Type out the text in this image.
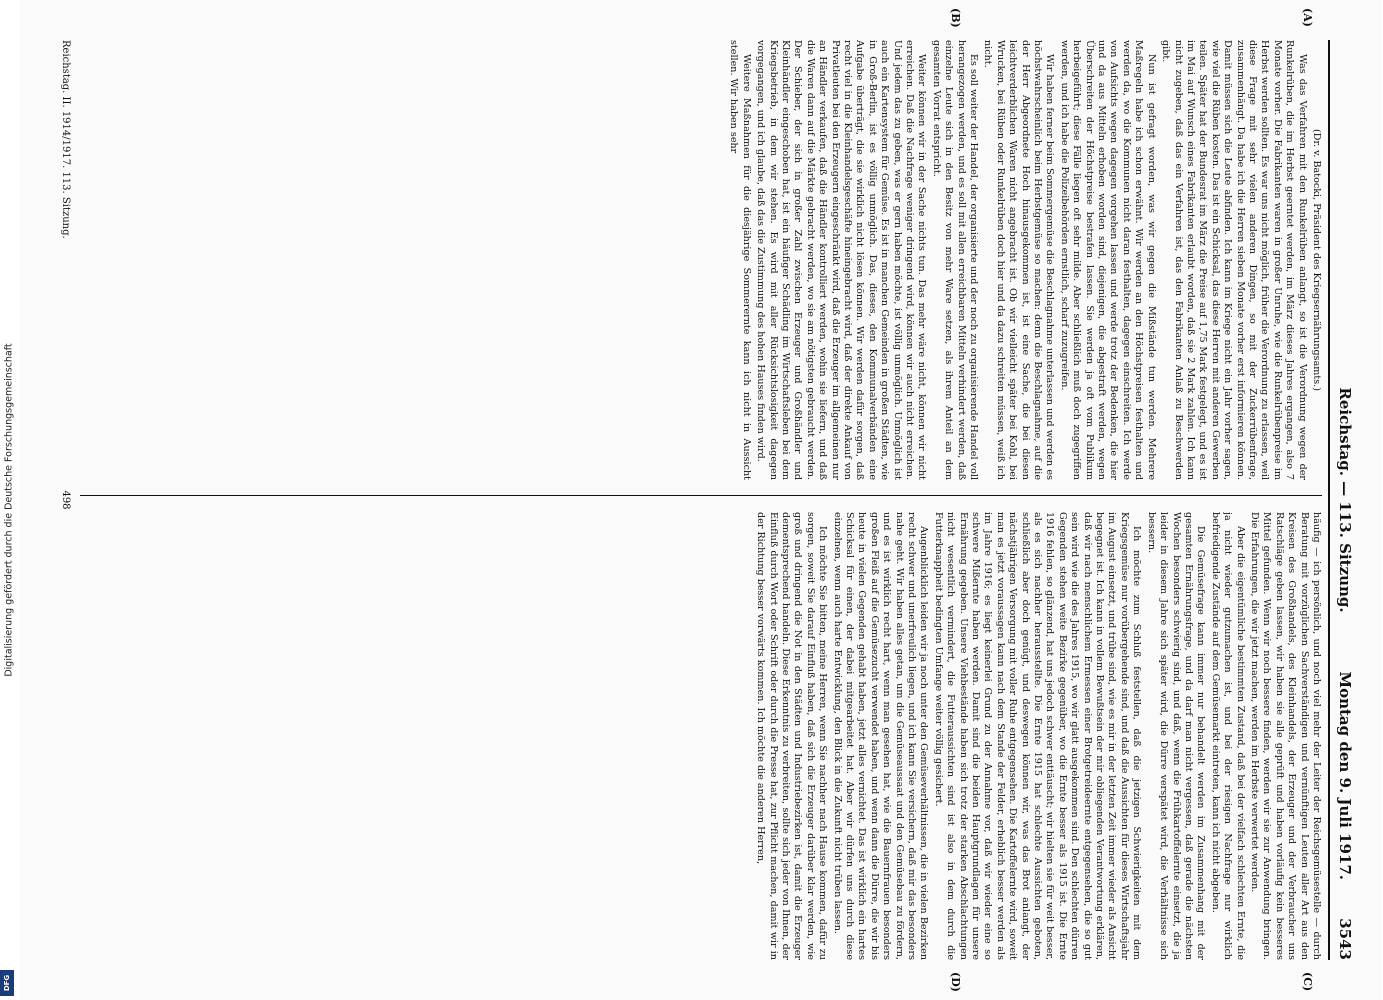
Reichstag. — 113. Sitzung.
Montag den 9. Juli 1917.
3543
(A)
(B)
(C)
(D)

(Dr. v. Batocki, Präsident des Kriegsernährungsamts.)

Was das Verfahren mit den Runkelrüben anlangt, so ist die Verordnung wegen der Runkelrüben, die im Herbst geerntet werden, im März dieses Jahres ergangen, also 7 Monate vorher. Die Fabrikanten waren in großer Unruhe, wie die Runkelrübenpreise im Herbst werden sollten. Es war uns nicht möglich, früher die Verordnung zu erlassen, weil diese Frage mit sehr vielen anderen Dingen, so mit der Zuckerrübenfrage, zusammenhängt. Da habe ich die Herren sieben Monate vorher erst informieren können. Damit müssen sich die Leute abfinden. Ich kann im Kriege nicht ein Jahr vorher sagen, wie viel die Rüben kosten. Das ist ein Schicksal, das diese Herren mit anderen Gewerben teilen. Später hat der Bundesrat im März die Preise auf 1,75 Mark festgelegt, und es ist im Mai auf Wunsch eines Fabrikanten erlaubt worden, daß sie 2 Mark zahlen. Ich kann nicht zugeben, daß das ein Verfahren ist, das den Fabrikanten Anlaß zu Beschwerden gibt.

Nun ist gefragt worden, was wir gegen die Mißstände tun werden. Mehrere Maßregeln habe ich schon erwähnt. Wir werden an den Höchstpreisen festhalten und werden da, wo die Kommunen nicht daran festhalten, dagegen einschreiten. Ich werde von Aufsichts wegen dagegen vorgehen lassen und werde trotz der Bedenken, die hier und da aus Mitteln erhoben worden sind, diejenigen, die abgestraft werden, wegen Überschreiten der Höchstpreise bestrafen lassen. Sie werden ja oft vom Publikum herbeigeführt; diese Fälle liegen oft sehr milde. Aber schließlich muß doch zugegriffen werden, und ich habe die Polizeibehörden ernstlich, scharf zuzugreifen.

Wir haben ferner beim Sommergemüse die Beschlagnahme unterlassen und werden es höchstwahrscheinlich beim Herbstgemüse so machen: denn die Beschlagnahme, auf die der Herr Abgeordnete Hoch hinausgekommen ist, ist eine Sache, die bei diesen leichtverderblichen Waren nicht angebracht ist. Ob wir vielleicht später bei Kohl, bei Wrucken, bei Rüben oder Runkelrüben doch hier und da dazu schreiten müssen, weiß ich nicht.

Es soll weiter der Handel, der organisierte und der noch zu organisierende Handel voll herangezogen werden, und es soll mit allen erreichbaren Mitteln verhindert werden, daß einzelne Leute sich in den Besitz von mehr Ware setzen, als ihrem Anteil an dem gesamten Vorrat entspricht.

Weiter können wir in der Sache nichts tun. Das mehr wäre nicht, können wir nicht erreichen. Daß die Nachfrage weniger dringend wird, können wir auch nicht erreichen. Und jedem das zu geben, was er gern haben möchte, ist völlig unmöglich. Unmöglich ist auch ein Kartensystem für Gemüse. Es ist in manchen Gemeinden in großen Städten, wie in Groß-Berlin, ist es völlig unmöglich. Das, dieses, den Kommunalverbänden eine Aufgabe überträgt, die sie wirklich nicht lösen können. Wir werden dafür sorgen, daß recht viel in die Kleinhandelsgeschäfte hineingebracht wird, daß der direkte Ankauf von Privatleuten bei den Erzeugern eingeschränkt wird, daß die Erzeuger im allgemeinen nur an Händler verkaufen, daß die Händler kontrolliert werden, wohin sie liefern, und daß die Waren dann auf die Märkte gebracht werden, wo sie am nötigsten gebraucht werden. Der Schieber, der sich in großer Zahl zwischen Erzeuger und Großhändler und Kleinhändler eingeschoben hat, ist ein häufiger Schädling im Wirtschaftsleben bei dem Kriegsbetrieb, in dem wir stehen. Es wird mit aller Rücksichtslosigkeit dagegen vorgegangen, und ich glaube, daß das die Zustimmung des hohen Hauses finden wird.

Weitere Maßnahmen für die diesjährige Sommerernte kann ich nicht in Aussicht stellen. Wir haben sehr

häufig — ich persönlich, und noch viel mehr der Leiter der Reichsgemüsestelle — durch Beratung mit vorzüglichen Sachverständigen und vernünftigen Leuten aller Art aus den Kreisen des Großhandels, des Kleinhandels, der Erzeuger und der Verbraucher uns Ratschläge geben lassen, wir haben sie alle geprüft und haben vorläufig kein besseres Mittel gefunden. Wenn wir noch bessere finden, werden wir sie zur Anwendung bringen. Die Erfahrungen, die wir jetzt machen, werden im Herbste verwertet werden.

Aber die eigentümliche bestimmten Zustand, daß bei der vielfach schlechten Ernte, die ja nicht wieder gutzumachen ist, und bei der riesigen Nachfrage nur wirklich befriedigende Zustände auf dem Gemüsemarkt eintreten, kann ich nicht abgeben.

Die Gemüsefrage kann immer nur behandelt werden im Zusammenhang mit der gesamten Ernährungsfrage, und da darf man nicht vergessen, daß gerade die nächsten Wochen besonders schwierig sind, und daß, wenn die Frühkartoffelernte einsetzt, die ja leider in diesem Jahre sich später wird, die Dürre verspätet wird, die Verhältnisse sich bessern.

Ich möchte zum Schluß feststellen, daß die jetzigen Schwierigkeiten mit dem Kriegsgemüse nur vorübergehende sind, und daß die Aussichten für dieses Wirtschaftsjahr im August einsetzt, und trübe sind, wie es mir in der letzten Zeit immer wieder als Ansicht begegnet ist. Ich kann in vollem Bewußtsein der mir obliegenden Verantwortung erklären, daß wir nach menschlichem Ermessen einer Brotgetreideernte entgegensehen, die so gut sein wird wie die des Jahres 1915, wo wir glatt ausgekommen sind. Den schlechten dürren Gegenden stehen weite Bezirke gegenüber, wo die Ernte besser als 1915 ist. Die Ernte 1916 fehlen, so glänzend, hat uns jedoch schwer enttäuscht; wir hielten sie für weit besser, als es sich nachher herausstellte. Die Ernte 1915 hat schlechte Aussichten geboten, schließlich aber doch genügt, und deswegen können wir, was das Brot anlangt, der nächstjährigen Versorgung mit voller Ruhe entgegensehen. Die Kartoffelernte wird, soweit man es jetzt voraussagen kann nach dem Stande der Felder, erheblich besser werden als im Jahre 1916; es liegt keinerlei Grund zu der Annahme vor, daß wir wieder eine so schwere Mißernte haben werden. Damit sind die beiden Hauptgrundlagen für unsere Ernährung gegeben. Unsere Viehbestände haben sich trotz der starken Abschlachtungen nicht wesentlich vermindert, die Futteraussichten sind ist also in dem durch die Futterknappheit bedingten Umfange weiter völlig gesichert.

Augenblicklich leiden wir ja noch unter den Gemüseverhältnissen, die in vielen Bezirken recht schwer und unerfreulich liegen, und ich kann Sie versichern, daß mir das besonders nahe geht. Wir haben alles getan, um die Gemüseaussaat und den Gemüsebau zu fördern, und es ist wirklich recht hart, wenn man gesehen hat, wie die Bauernfrauen besonders großen Fleiß auf die Gemüsezucht verwendet haben, und wenn dann die Dürre, die wir bis heute in vielen Gegenden gehabt haben, jetzt alles vernichtet. Das ist wirklich ein hartes Schicksal für einen, der dabei mitgearbeitet hat. Aber wir dürfen uns durch diese einzelnen, wenn auch harte Entwicklung, den Blick in die Zukunft nicht trüben lassen.

Ich möchte Sie bitten, meine Herren, wenn Sie nachher nach Hause kommen, dafür zu sorgen, soweit Sie darauf Einfluß haben, daß sich die Erzeuger darüber klar werden, wie groß und dringend die Not in den Städten und Industriebezirken ist, damit die Erzeuger dementsprechend handeln. Diese Erkenntnis zu verbreiten, sollte sich jeder von Ihnen, der Einfluß durch Wort oder Schrift oder durch die Presse hat, zur Pflicht machen, damit wir in der Richtung besser vorwärts kommen. Ich möchte die anderen Herren,

Reichstag. II. 1914/1917. 113. Sitzung.
498
Digitalisierung gefördert durch die Deutsche Forschungsgemeinschaft
DFG
